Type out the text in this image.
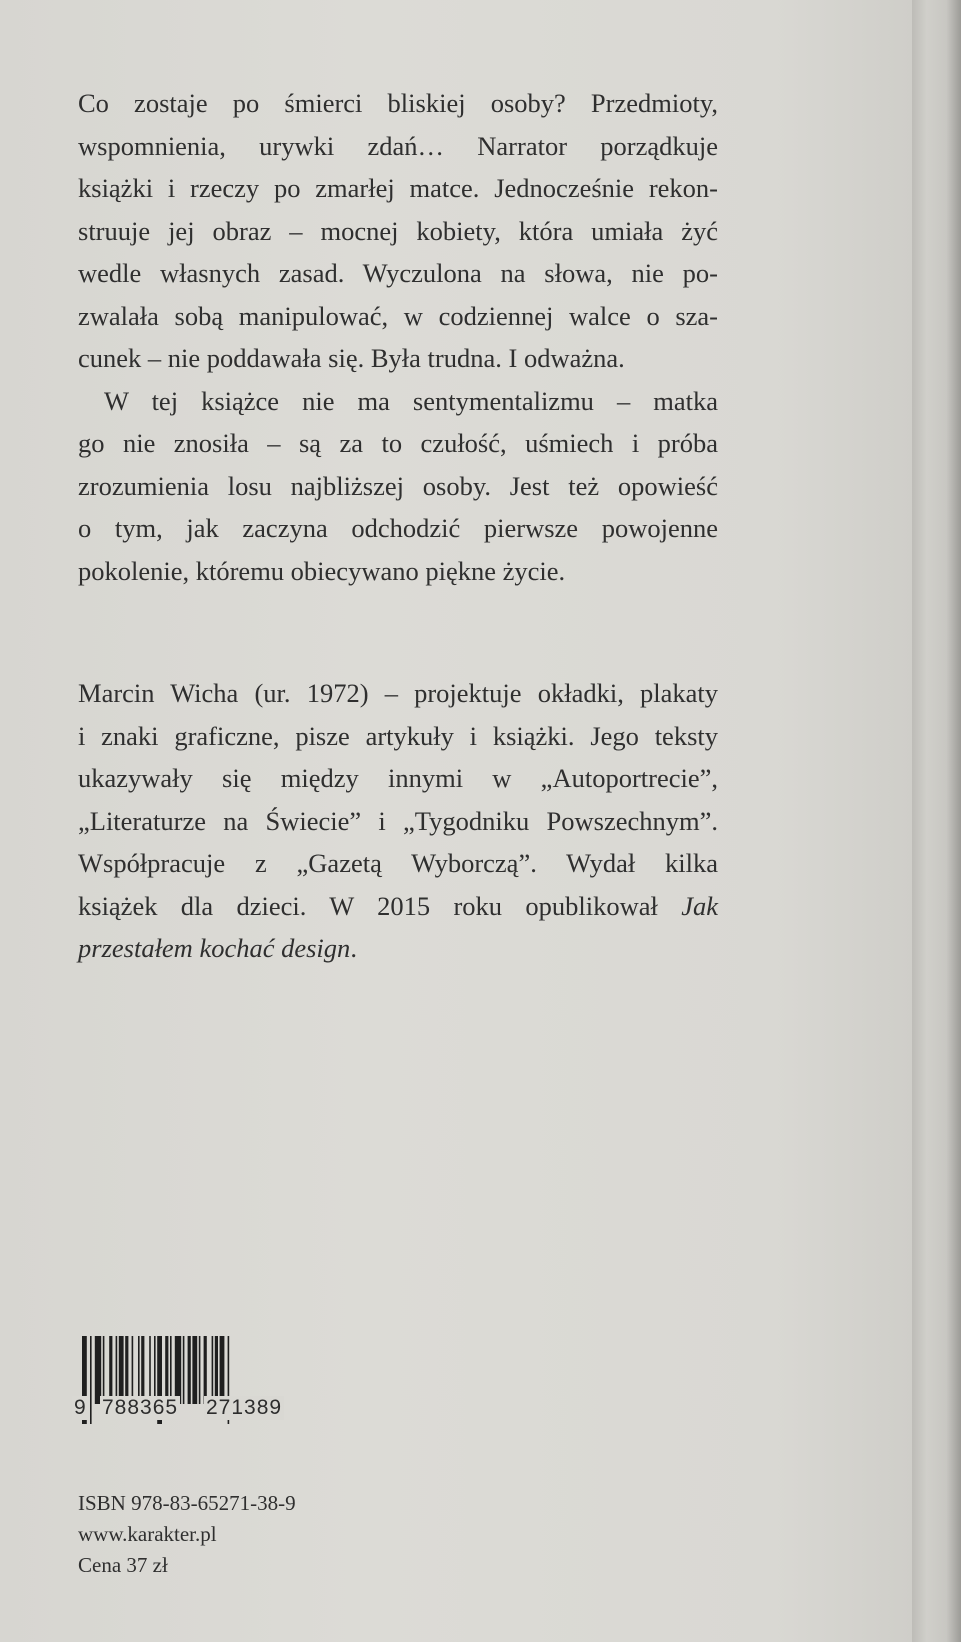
Co zostaje po śmierci bliskiej osoby? Przedmioty,
wspomnienia, urywki zdań… Narrator porządkuje
książki i rzeczy po zmarłej matce. Jednocześnie rekon-
struuje jej obraz – mocnej kobiety, która umiała żyć
wedle własnych zasad. Wyczulona na słowa, nie po-
zwalała sobą manipulować, w codziennej walce o sza-
cunek – nie poddawała się. Była trudna. I odważna.

W tej książce nie ma sentymentalizmu – matka
go nie znosiła – są za to czułość, uśmiech i próba
zrozumienia losu najbliższej osoby. Jest też opowieść
o tym, jak zaczyna odchodzić pierwsze powojenne
pokolenie, któremu obiecywano piękne życie.

Marcin Wicha (ur. 1972) – projektuje okładki, plakaty
i znaki graficzne, pisze artykuły i książki. Jego teksty
ukazywały się między innymi w „Autoportrecie”,
„Literaturze na Świecie” i „Tygodniku Powszechnym”.
Współpracuje z „Gazetą Wyborczą”. Wydał kilka
książek dla dzieci. W 2015 roku opublikował Jak
przestałem kochać design.

9 788365 271389
ISBN 978-83-65271-38-9
www.karakter.pl
Cena 37 zł
